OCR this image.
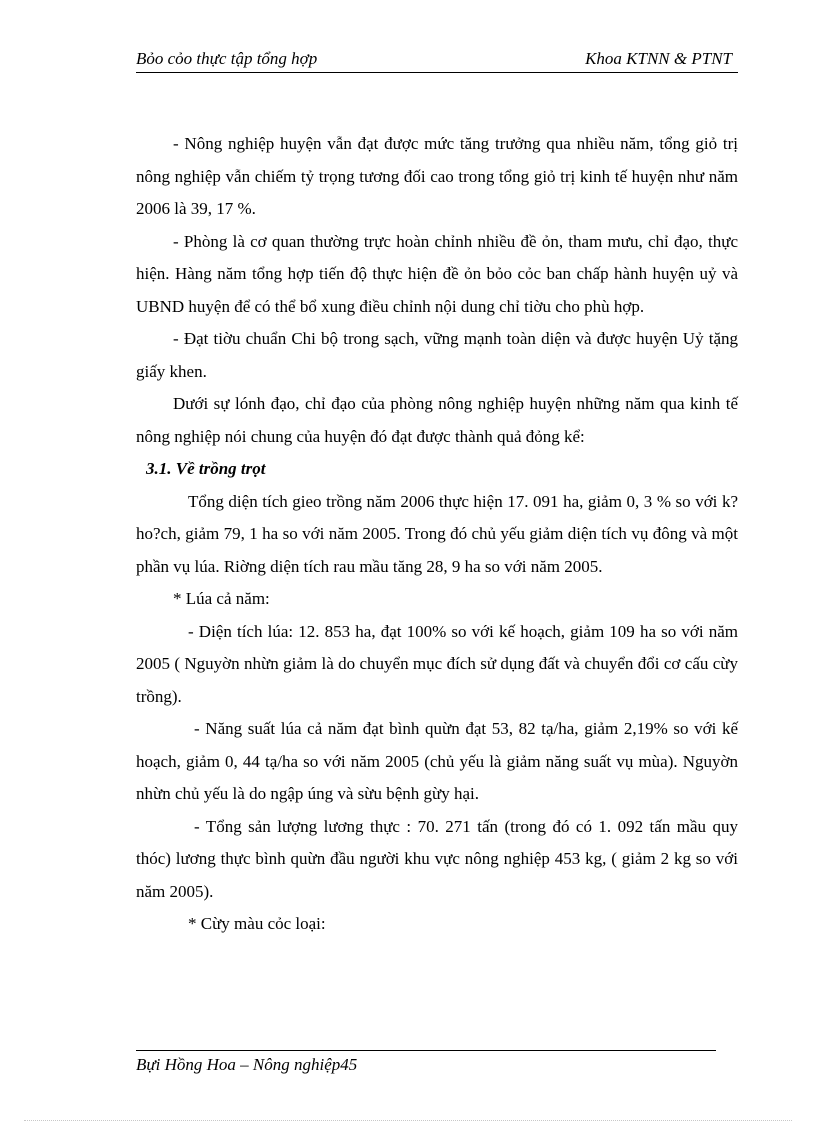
Bỏo cỏo thực tập tổng hợp	Khoa KTNN & PTNT

- Nông nghiệp huyện vẫn đạt được mức tăng trưởng qua nhiều năm, tổng giỏ trị nông nghiệp vẫn chiếm tỷ trọng tương đối cao trong tổng giỏ trị kinh tế huyện như năm 2006 là 39, 17 %.

- Phòng là cơ quan thường trực hoàn chỉnh nhiều đề ỏn, tham mưu, chỉ đạo, thực hiện. Hàng năm tổng hợp tiến độ thực hiện đề ỏn bỏo cỏc ban chấp hành huyện uỷ và UBND huyện để có thể bổ xung điều chỉnh nội dung chỉ tiờu cho phù hợp.

- Đạt tiờu chuẩn Chi bộ trong sạch, vững mạnh toàn diện và được huyện Uỷ tặng giấy khen.

Dưới sự lónh đạo, chỉ đạo của phòng nông nghiệp huyện những năm qua kinh tế nông nghiệp nói chung của huyện đó đạt được thành quả đỏng kể:

3.1. Về trồng trọt

Tổng diện tích gieo trồng năm 2006 thực hiện 17. 091 ha, giảm 0, 3 % so với k? ho?ch, giảm 79, 1 ha so với năm 2005. Trong đó chủ yếu giảm diện tích vụ đông và một phần vụ lúa. Riờng diện tích rau mầu tăng 28, 9 ha so với năm 2005.

* Lúa cả năm:

- Diện tích lúa: 12. 853 ha, đạt 100% so với kế hoạch, giảm 109 ha so với năm 2005 ( Nguyờn nhừn giảm là do chuyển mục đích sử dụng đất và chuyển đổi cơ cấu cừy trồng).

- Năng suất lúa cả năm đạt bình quừn đạt 53, 82 tạ/ha, giảm 2,19% so với kế hoạch, giảm 0, 44 tạ/ha so với năm 2005 (chủ yếu là giảm năng suất vụ mùa). Nguyờn nhừn chủ yếu là do ngập úng và sừu bệnh gừy hại.

- Tổng sản lượng lương thực : 70. 271 tấn (trong đó có 1. 092 tấn mầu quy thóc) lương thực bình quừn đầu người khu vực nông nghiệp 453 kg, ( giảm 2 kg so với năm 2005).

* Cừy màu cỏc loại:

Bựi Hồng Hoa – Nông nghiệp45
